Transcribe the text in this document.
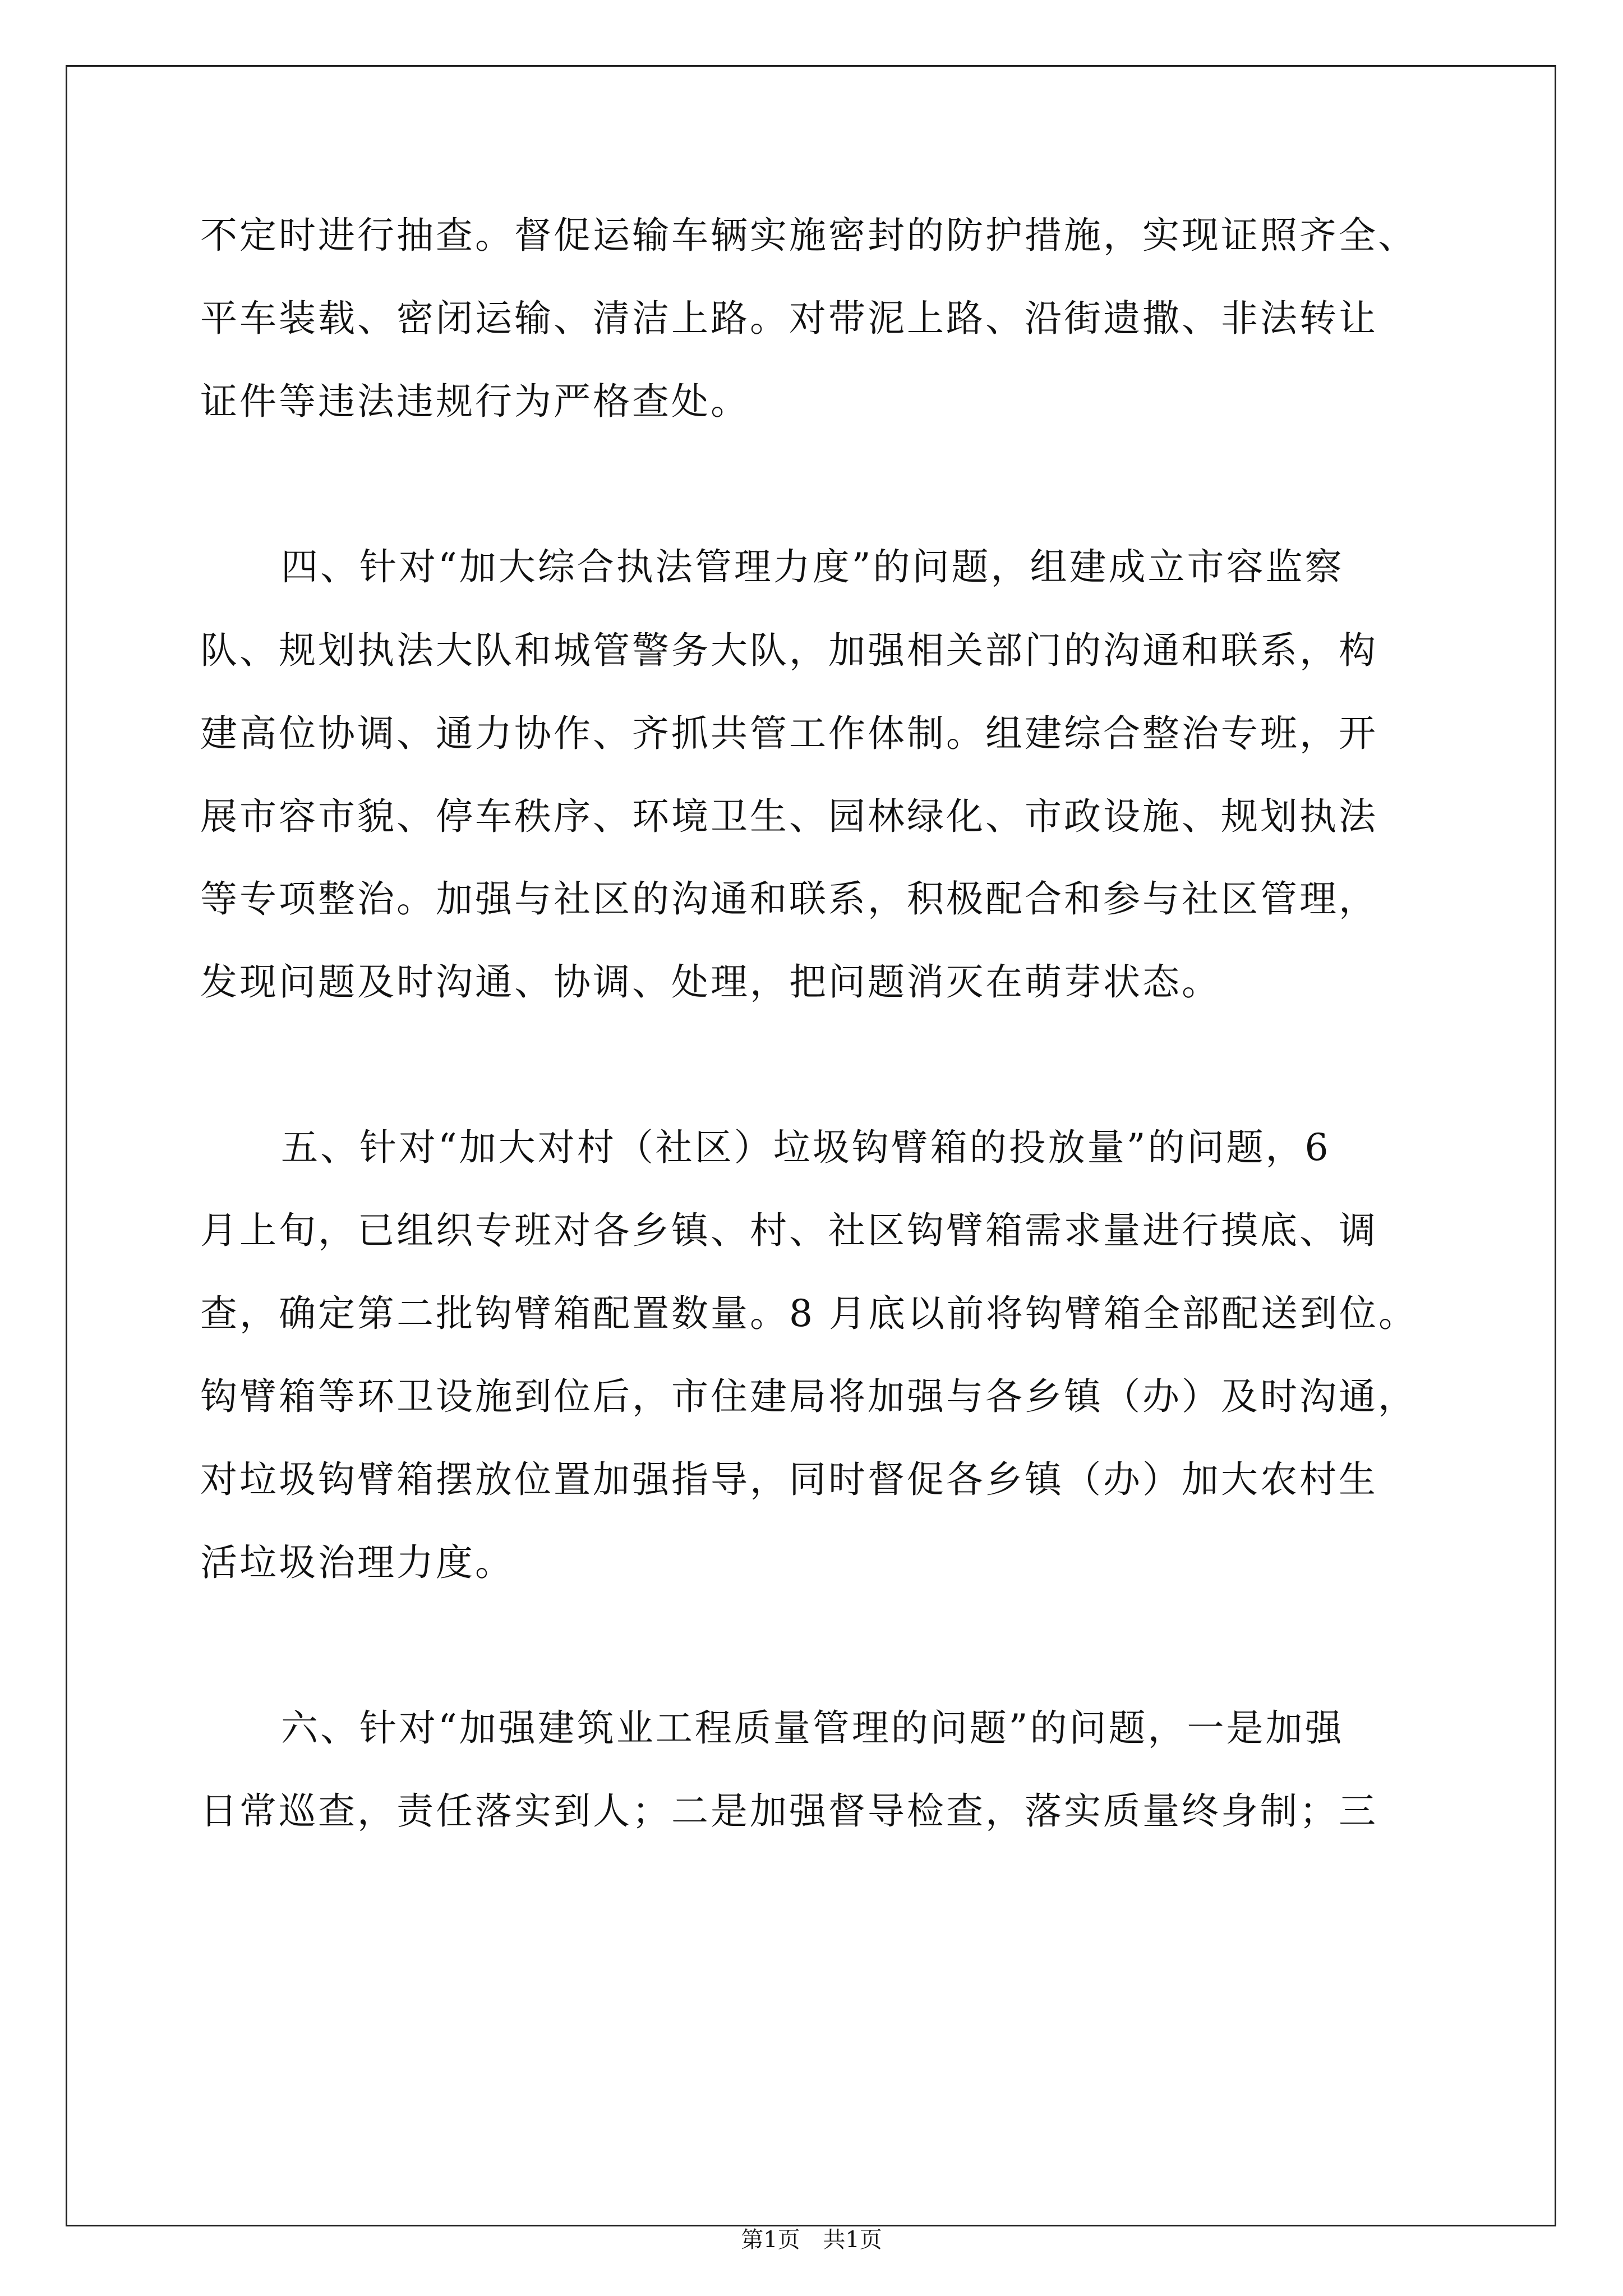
不定时进行抽查。督促运输车辆实施密封的防护措施，实现证照齐全、
平车装载、密闭运输、清洁上路。对带泥上路、沿街遗撒、非法转让
证件等违法违规行为严格查处。
四、针对“加大综合执法管理力度”的问题，组建成立市容监察
队、规划执法大队和城管警务大队，加强相关部门的沟通和联系，构
建高位协调、通力协作、齐抓共管工作体制。组建综合整治专班，开
展市容市貌、停车秩序、环境卫生、园林绿化、市政设施、规划执法
等专项整治。加强与社区的沟通和联系，积极配合和参与社区管理，
发现问题及时沟通、协调、处理，把问题消灭在萌芽状态。
五、针对“加大对村（社区）垃圾钩臂箱的投放量”的问题，6
月上旬，已组织专班对各乡镇、村、社区钩臂箱需求量进行摸底、调
查，确定第二批钩臂箱配置数量。8 月底以前将钩臂箱全部配送到位。
钩臂箱等环卫设施到位后，市住建局将加强与各乡镇（办）及时沟通，
对垃圾钩臂箱摆放位置加强指导，同时督促各乡镇（办）加大农村生
活垃圾治理力度。
六、针对“加强建筑业工程质量管理的问题”的问题，一是加强
日常巡查，责任落实到人；二是加强督导检查，落实质量终身制；三
第1页 共1页
